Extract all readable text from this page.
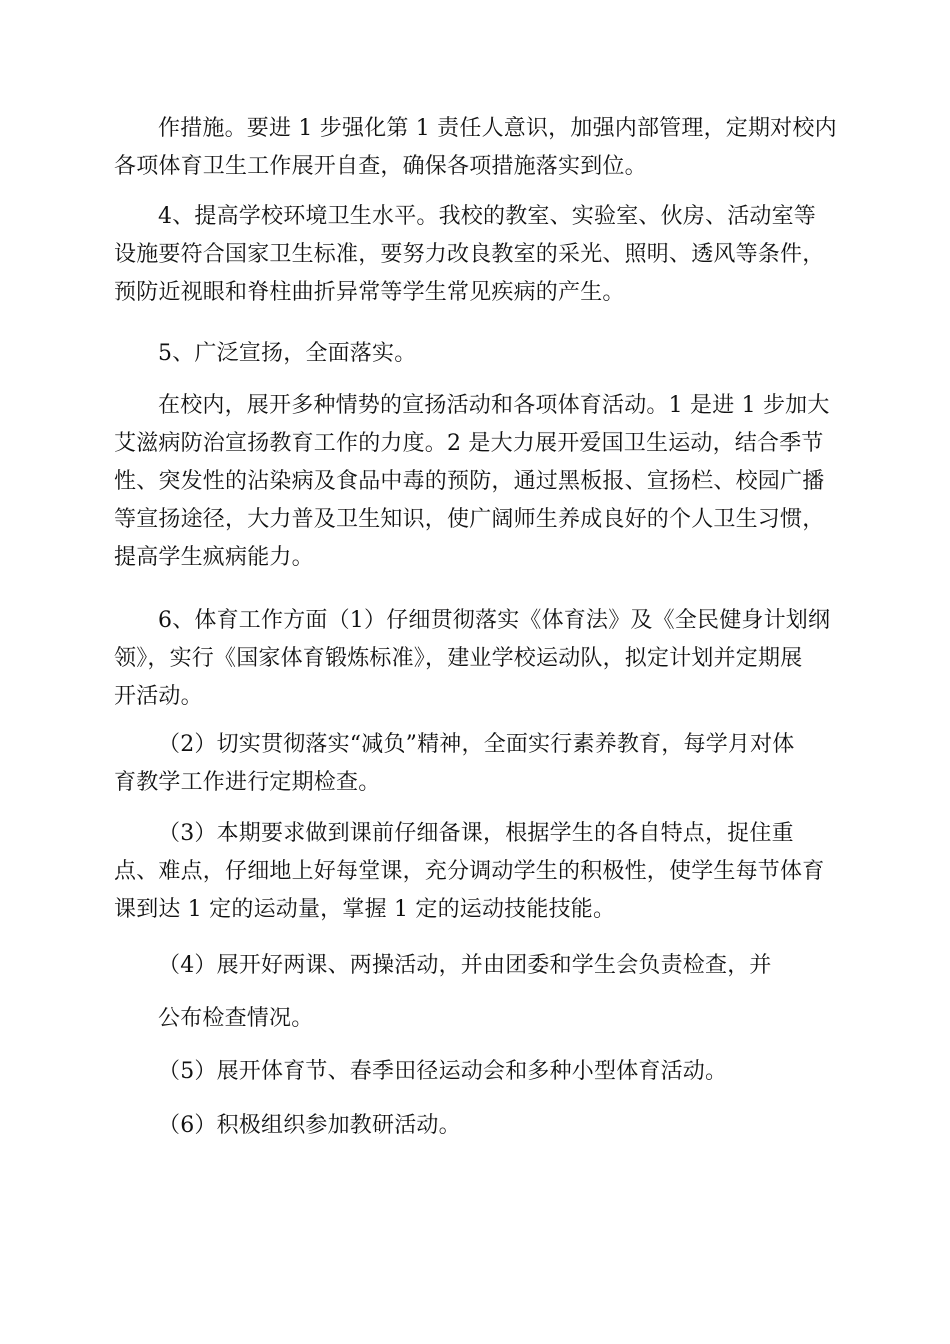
作措施。要进 1 步强化第 1 责任人意识，加强内部管理，定期对校内
各项体育卫生工作展开自查，确保各项措施落实到位。
4、提高学校环境卫生水平。我校的教室、实验室、伙房、活动室等
设施要符合国家卫生标准，要努力改良教室的采光、照明、透风等条件，
预防近视眼和脊柱曲折异常等学生常见疾病的产生。
5、广泛宣扬，全面落实。
在校内，展开多种情势的宣扬活动和各项体育活动。1 是进 1 步加大
艾滋病防治宣扬教育工作的力度。2 是大力展开爱国卫生运动，结合季节
性、突发性的沾染病及食品中毒的预防，通过黑板报、宣扬栏、校园广播
等宣扬途径，大力普及卫生知识，使广阔师生养成良好的个人卫生习惯，
提高学生疯病能力。
6、体育工作方面（1）仔细贯彻落实《体育法》及《全民健身计划纲
领》，实行《国家体育锻炼标准》，建业学校运动队，拟定计划并定期展
开活动。
（2）切实贯彻落实“减负”精神，全面实行素养教育，每学月对体
育教学工作进行定期检查。
（3）本期要求做到课前仔细备课，根据学生的各自特点，捉住重
点、难点，仔细地上好每堂课，充分调动学生的积极性，使学生每节体育
课到达 1 定的运动量，掌握 1 定的运动技能技能。
（4）展开好两课、两操活动，并由团委和学生会负责检查，并
公布检查情况。
（5）展开体育节、春季田径运动会和多种小型体育活动。
（6）积极组织参加教研活动。
